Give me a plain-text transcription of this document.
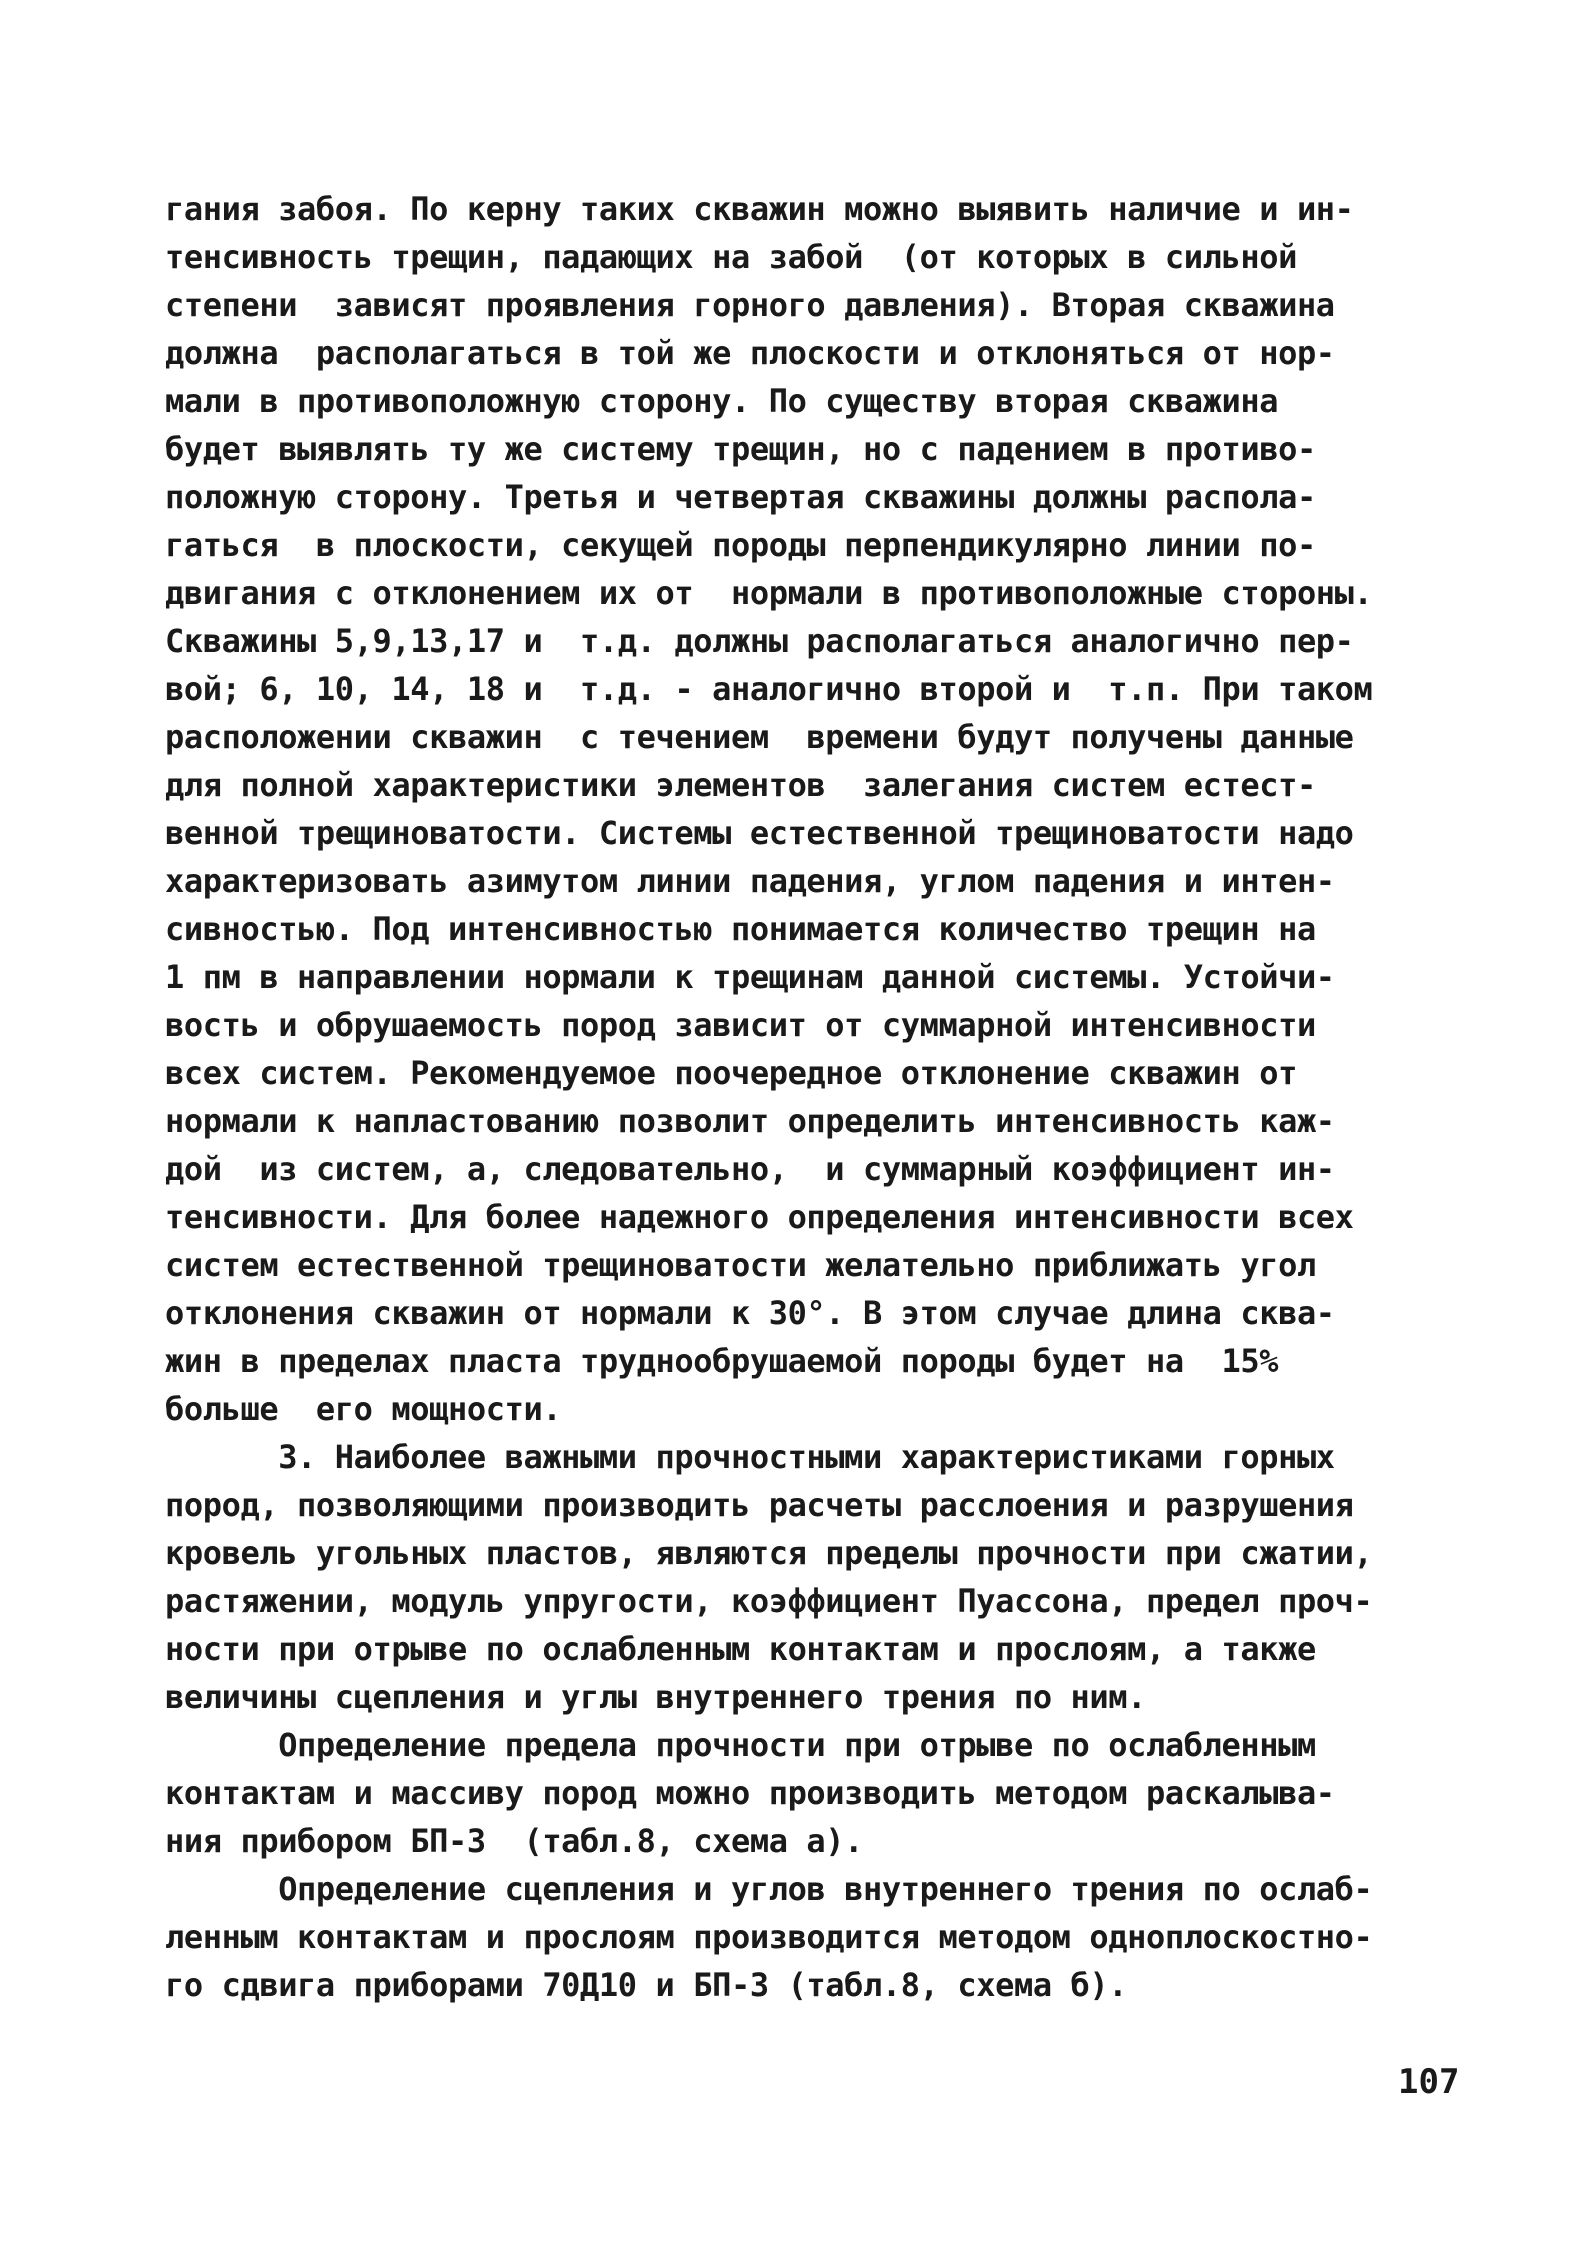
гания забоя. По керну таких скважин можно выявить наличие и ин-
тенсивность трещин, падающих на забой  (от которых в сильной
степени  зависят проявления горного давления). Вторая скважина
должна  располагаться в той же плоскости и отклоняться от нор-
мали в противоположную сторону. По существу вторая скважина
будет выявлять ту же систему трещин, но с падением в противо-
положную сторону. Третья и четвертая скважины должны распола-
гаться  в плоскости, секущей породы перпендикулярно линии по-
двигания с отклонением их от  нормали в противоположные стороны.
Скважины 5,9,13,17 и  т.д. должны располагаться аналогично пер-
вой; 6, 10, 14, 18 и  т.д. - аналогично второй и  т.п. При таком
расположении скважин  с течением  времени будут получены данные
для полной характеристики элементов  залегания систем естест-
венной трещиноватости. Системы естественной трещиноватости надо
характеризовать азимутом линии падения, углом падения и интен-
сивностью. Под интенсивностью понимается количество трещин на
1 пм в направлении нормали к трещинам данной системы. Устойчи-
вость и обрушаемость пород зависит от суммарной интенсивности
всех систем. Рекомендуемое поочередное отклонение скважин от
нормали к напластованию позволит определить интенсивность каж-
дой  из систем, а, следовательно,  и суммарный коэффициент ин-
тенсивности. Для более надежного определения интенсивности всех
систем естественной трещиноватости желательно приближать угол
отклонения скважин от нормали к 30°. В этом случае длина сква-
жин в пределах пласта труднообрушаемой породы будет на  15%
больше  его мощности.
3. Наиболее важными прочностными характеристиками горных
пород, позволяющими производить расчеты расслоения и разрушения
кровель угольных пластов, являются пределы прочности при сжатии,
растяжении, модуль упругости, коэффициент Пуассона, предел проч-
ности при отрыве по ослабленным контактам и прослоям, а также
величины сцепления и углы внутреннего трения по ним.
Определение предела прочности при отрыве по ослабленным
контактам и массиву пород можно производить методом раскалыва-
ния прибором БП-3  (табл.8, схема а).
Определение сцепления и углов внутреннего трения по ослаб-
ленным контактам и прослоям производится методом одноплоскостно-
го сдвига приборами 70Д10 и БП-3 (табл.8, схема б).
107
